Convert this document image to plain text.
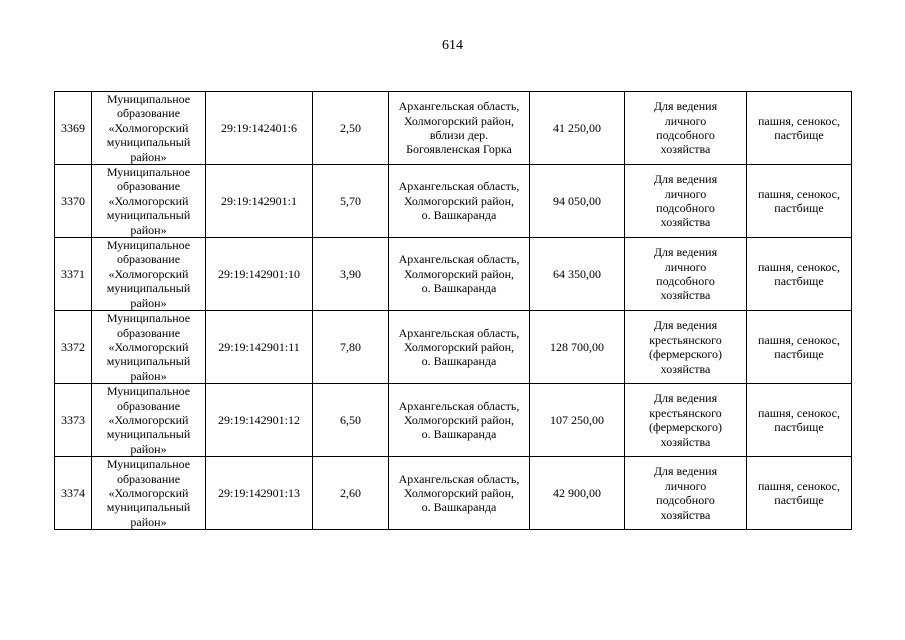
614
3369	Муниципальное
образование
«Холмогорский
муниципальный
район»	29:19:142401:6	2,50	Архангельская область,
Холмогорский район,
вблизи дер.
Богоявленская Горка	41 250,00	Для ведения
личного
подсобного
хозяйства	пашня, сенокос,
пастбище
3370	Муниципальное
образование
«Холмогорский
муниципальный
район»	29:19:142901:1	5,70	Архангельская область,
Холмогорский район,
о. Вашкаранда	94 050,00	Для ведения
личного
подсобного
хозяйства	пашня, сенокос,
пастбище
3371	Муниципальное
образование
«Холмогорский
муниципальный
район»	29:19:142901:10	3,90	Архангельская область,
Холмогорский район,
о. Вашкаранда	64 350,00	Для ведения
личного
подсобного
хозяйства	пашня, сенокос,
пастбище
3372	Муниципальное
образование
«Холмогорский
муниципальный
район»	29:19:142901:11	7,80	Архангельская область,
Холмогорский район,
о. Вашкаранда	128 700,00	Для ведения
крестьянского
(фермерского)
хозяйства	пашня, сенокос,
пастбище
3373	Муниципальное
образование
«Холмогорский
муниципальный
район»	29:19:142901:12	6,50	Архангельская область,
Холмогорский район,
о. Вашкаранда	107 250,00	Для ведения
крестьянского
(фермерского)
хозяйства	пашня, сенокос,
пастбище
3374	Муниципальное
образование
«Холмогорский
муниципальный
район»	29:19:142901:13	2,60	Архангельская область,
Холмогорский район,
о. Вашкаранда	42 900,00	Для ведения
личного
подсобного
хозяйства	пашня, сенокос,
пастбище
